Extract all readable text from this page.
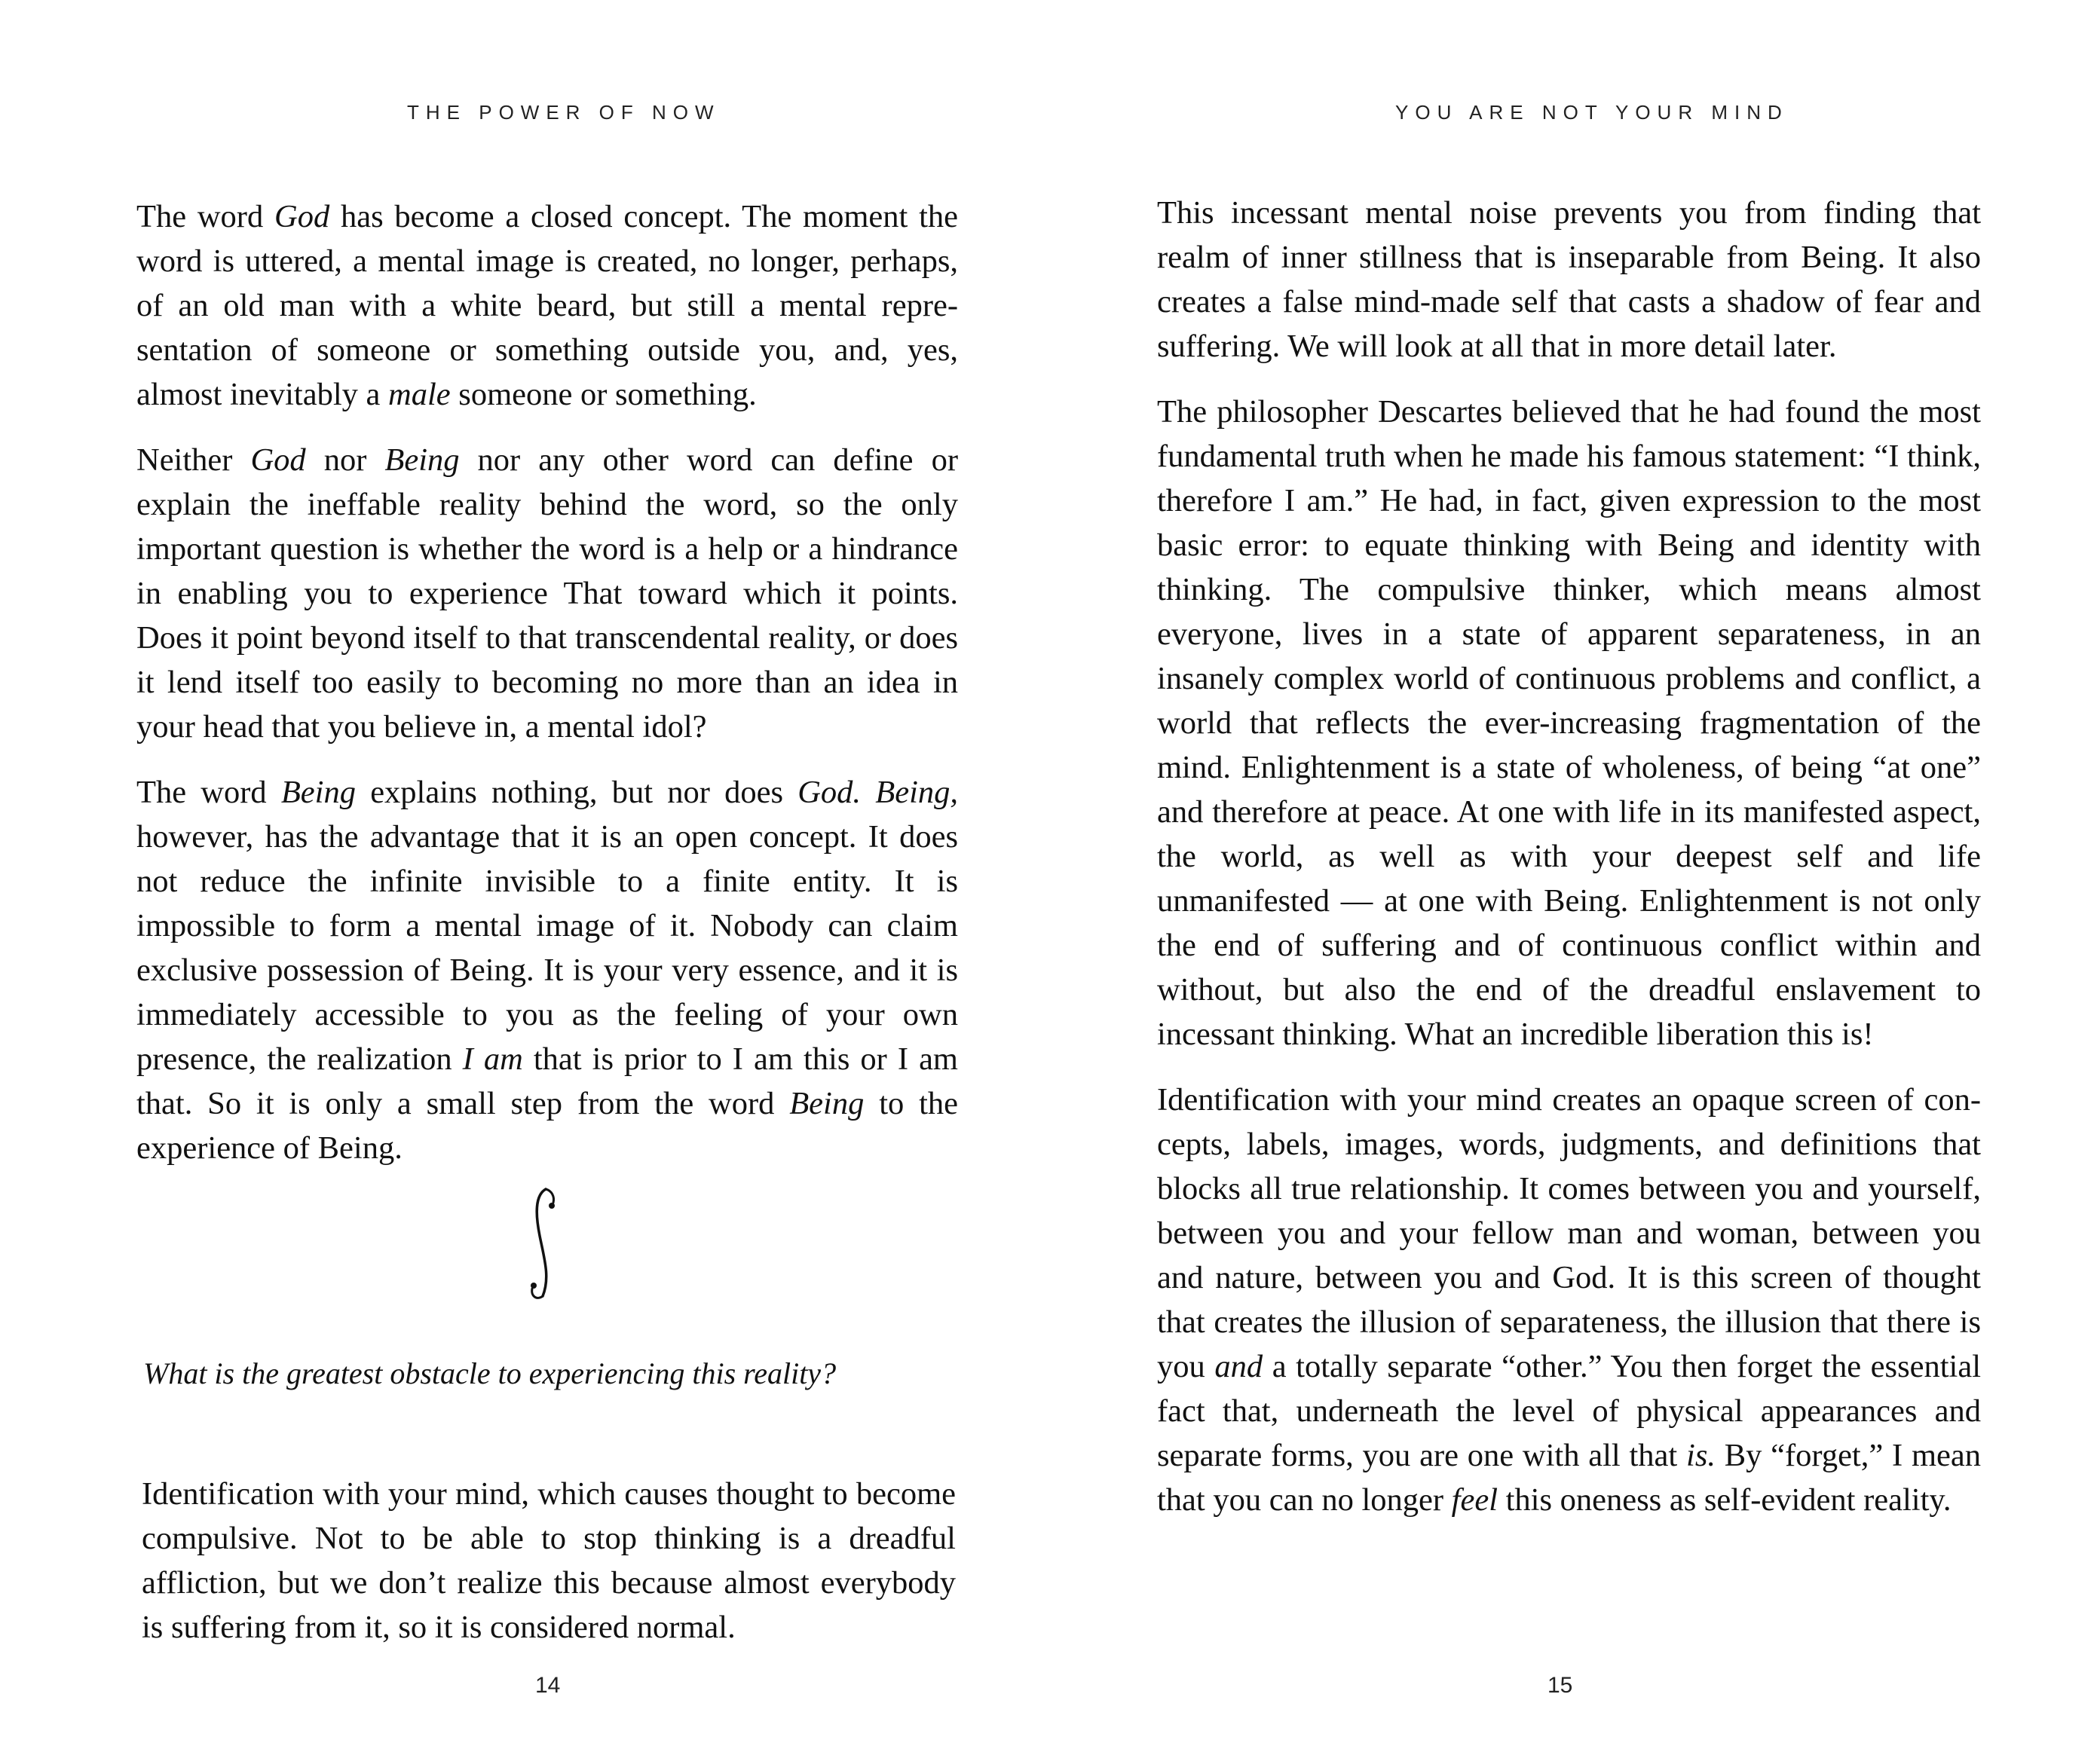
THE POWER OF NOW

The word God has become a closed concept. The moment the word is uttered, a mental image is created, no longer, perhaps, of an old man with a white beard, but still a mental representation of someone or something outside you, and, yes, almost inevitably a male someone or something.

Neither God nor Being nor any other word can define or explain the ineffable reality behind the word, so the only important question is whether the word is a help or a hindrance in enabling you to experience That toward which it points. Does it point beyond itself to that transcendental reality, or does it lend itself too easily to becoming no more than an idea in your head that you believe in, a mental idol?

The word Being explains nothing, but nor does God. Being, however, has the advantage that it is an open concept. It does not reduce the infinite invisible to a finite entity. It is impossible to form a mental image of it. Nobody can claim exclusive possession of Being. It is your very essence, and it is immediately accessible to you as the feeling of your own presence, the realization I am that is prior to I am this or I am that. So it is only a small step from the word Being to the experience of Being.

What is the greatest obstacle to experiencing this reality?

Identification with your mind, which causes thought to become compulsive. Not to be able to stop thinking is a dreadful affliction, but we don’t realize this because almost everybody is suffering from it, so it is considered normal.

14
YOU ARE NOT YOUR MIND

This incessant mental noise prevents you from finding that realm of inner stillness that is inseparable from Being. It also creates a false mind-made self that casts a shadow of fear and suffering. We will look at all that in more detail later.

The philosopher Descartes believed that he had found the most fundamental truth when he made his famous statement: “I think, therefore I am.” He had, in fact, given expression to the most basic error: to equate thinking with Being and identity with thinking. The compulsive thinker, which means almost everyone, lives in a state of apparent separateness, in an insanely complex world of continuous problems and conflict, a world that reflects the ever-increasing fragmentation of the mind. Enlightenment is a state of wholeness, of being “at one” and therefore at peace. At one with life in its manifested aspect, the world, as well as with your deepest self and life unmanifested — at one with Being. Enlightenment is not only the end of suffering and of continuous conflict within and without, but also the end of the dreadful enslavement to incessant thinking. What an incredible liberation this is!

Identification with your mind creates an opaque screen of concepts, labels, images, words, judgments, and definitions that blocks all true relationship. It comes between you and yourself, between you and your fellow man and woman, between you and nature, between you and God. It is this screen of thought that creates the illusion of separateness, the illusion that there is you and a totally separate “other.” You then forget the essential fact that, underneath the level of physical appearances and separate forms, you are one with all that is. By “forget,” I mean that you can no longer feel this oneness as self-evident reality.

15
